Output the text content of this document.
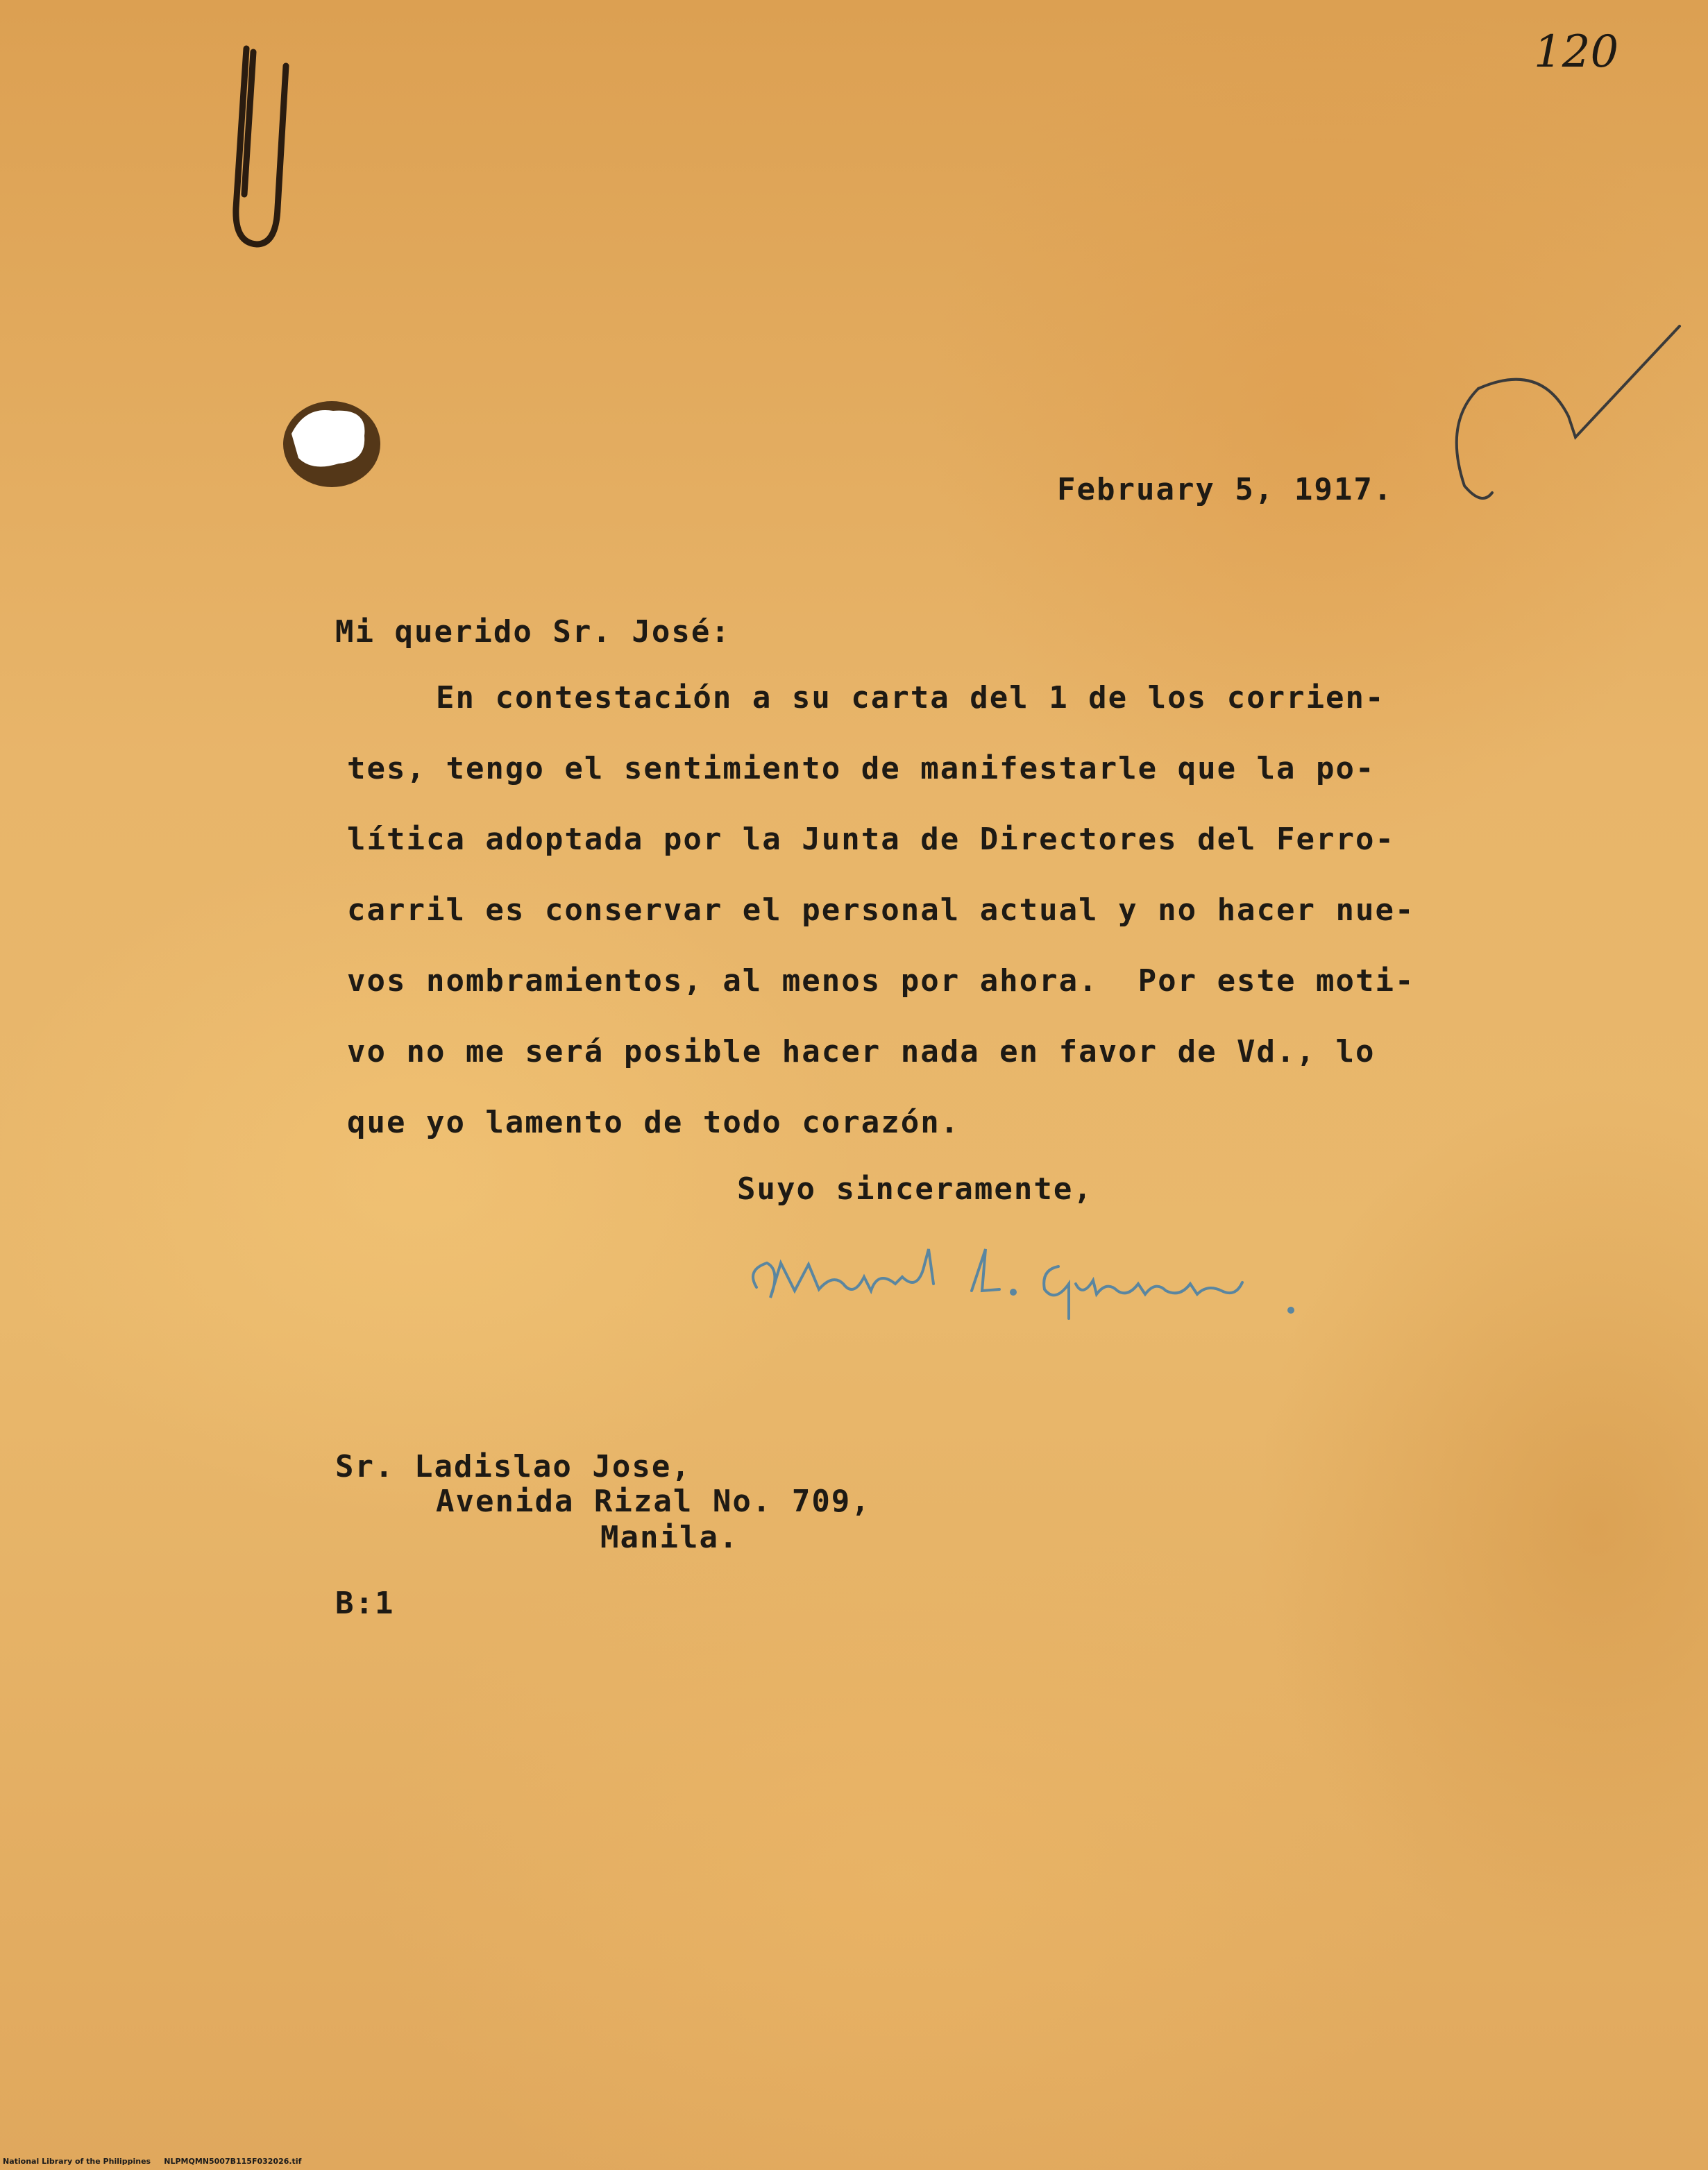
120

February 5, 1917.

Mi querido Sr. José:

En contestación a su carta del 1 de los corrien-

tes, tengo el sentimiento de manifestarle que la po-

lítica adoptada por la Junta de Directores del Ferro-

carril es conservar el personal actual y no hacer nue-

vos nombramientos, al menos por ahora.  Por este moti-

vo no me será posible hacer nada en favor de Vd., lo

que yo lamento de todo corazón.

Suyo sinceramente,

Sr. Ladislao Jose,

Avenida Rizal No. 709,

Manila.

B:1

National Library of the Philippines     NLPMQMN5007B115F032026.tif
